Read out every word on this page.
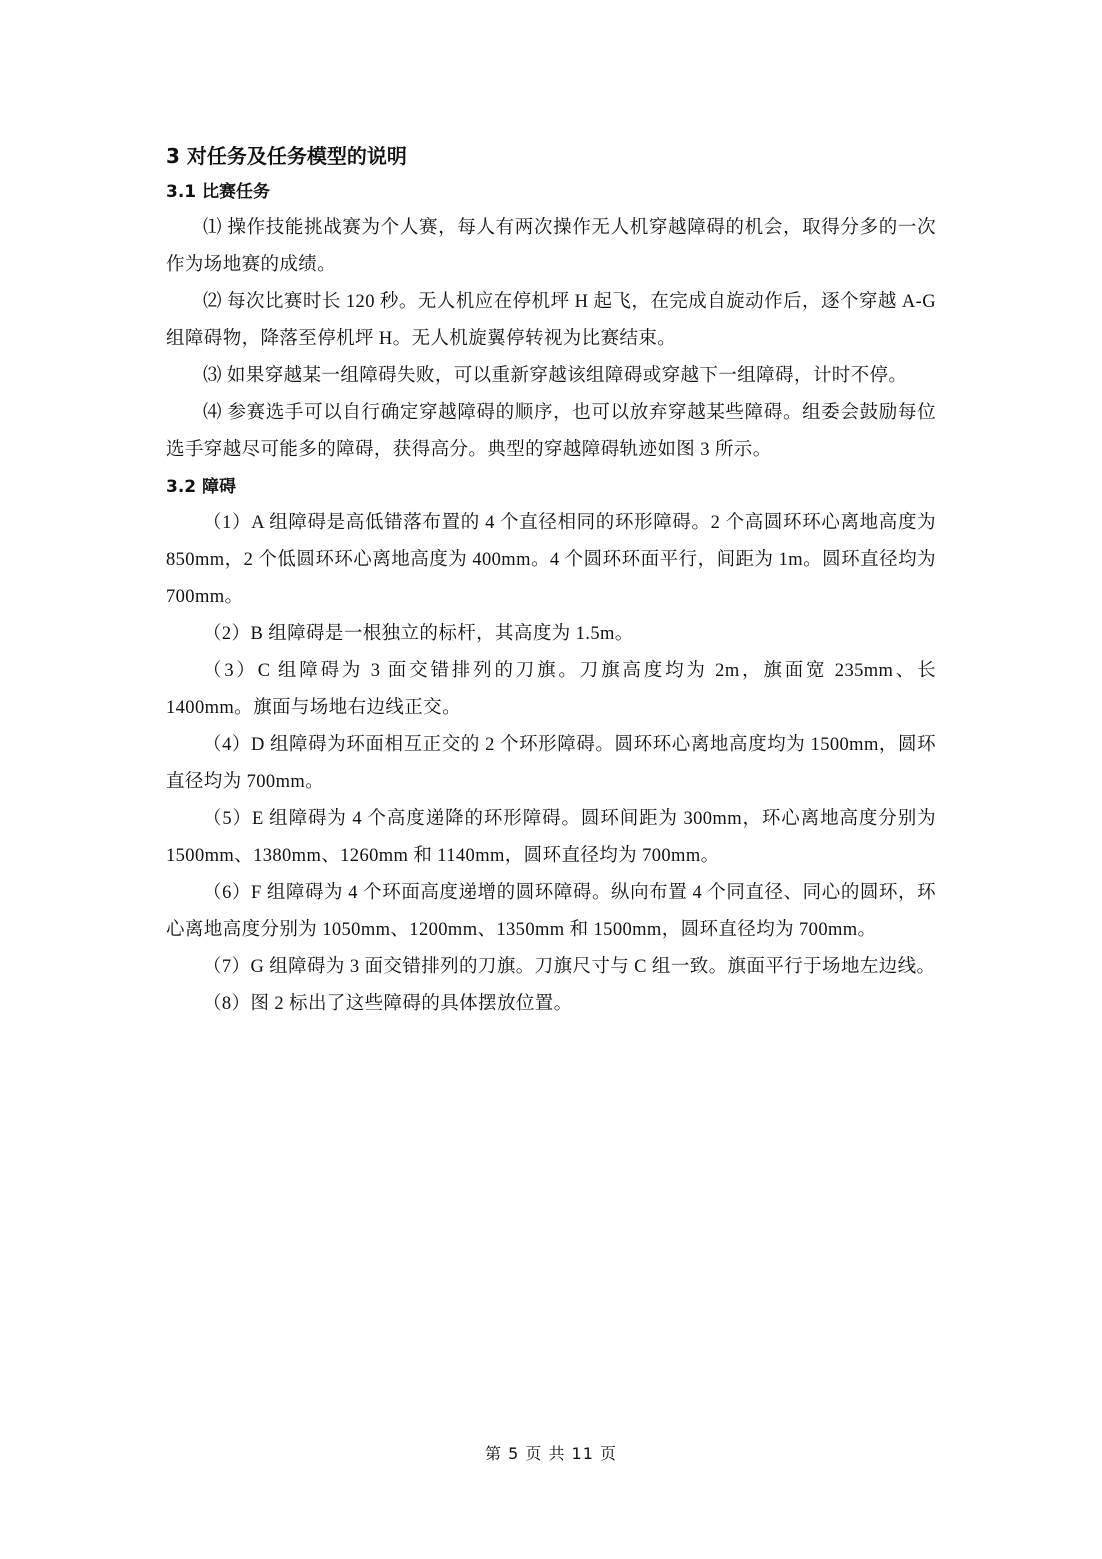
3 对任务及任务模型的说明
3.1 比赛任务

⑴ 操作技能挑战赛为个人赛，每人有两次操作无人机穿越障碍的机会，取得分多的一次作为场地赛的成绩。

⑵ 每次比赛时长 120 秒。无人机应在停机坪 H 起飞，在完成自旋动作后，逐个穿越 A-G 组障碍物，降落至停机坪 H。无人机旋翼停转视为比赛结束。

⑶ 如果穿越某一组障碍失败，可以重新穿越该组障碍或穿越下一组障碍，计时不停。

⑷ 参赛选手可以自行确定穿越障碍的顺序，也可以放弃穿越某些障碍。组委会鼓励每位选手穿越尽可能多的障碍，获得高分。典型的穿越障碍轨迹如图 3 所示。

3.2 障碍

（1）A 组障碍是高低错落布置的 4 个直径相同的环形障碍。2 个高圆环环心离地高度为 850mm，2 个低圆环环心离地高度为 400mm。4 个圆环环面平行，间距为 1m。圆环直径均为 700mm。

（2）B 组障碍是一根独立的标杆，其高度为 1.5m。

（3）C 组障碍为 3 面交错排列的刀旗。刀旗高度均为 2m，旗面宽 235mm、长 1400mm。旗面与场地右边线正交。

（4）D 组障碍为环面相互正交的 2 个环形障碍。圆环环心离地高度均为 1500mm，圆环直径均为 700mm。

（5）E 组障碍为 4 个高度递降的环形障碍。圆环间距为 300mm，环心离地高度分别为 1500mm、1380mm、1260mm 和 1140mm，圆环直径均为 700mm。

（6）F 组障碍为 4 个环面高度递增的圆环障碍。纵向布置 4 个同直径、同心的圆环，环心离地高度分别为 1050mm、1200mm、1350mm 和 1500mm，圆环直径均为 700mm。

（7）G 组障碍为 3 面交错排列的刀旗。刀旗尺寸与 C 组一致。旗面平行于场地左边线。

（8）图 2 标出了这些障碍的具体摆放位置。

第 5 页 共 11 页
